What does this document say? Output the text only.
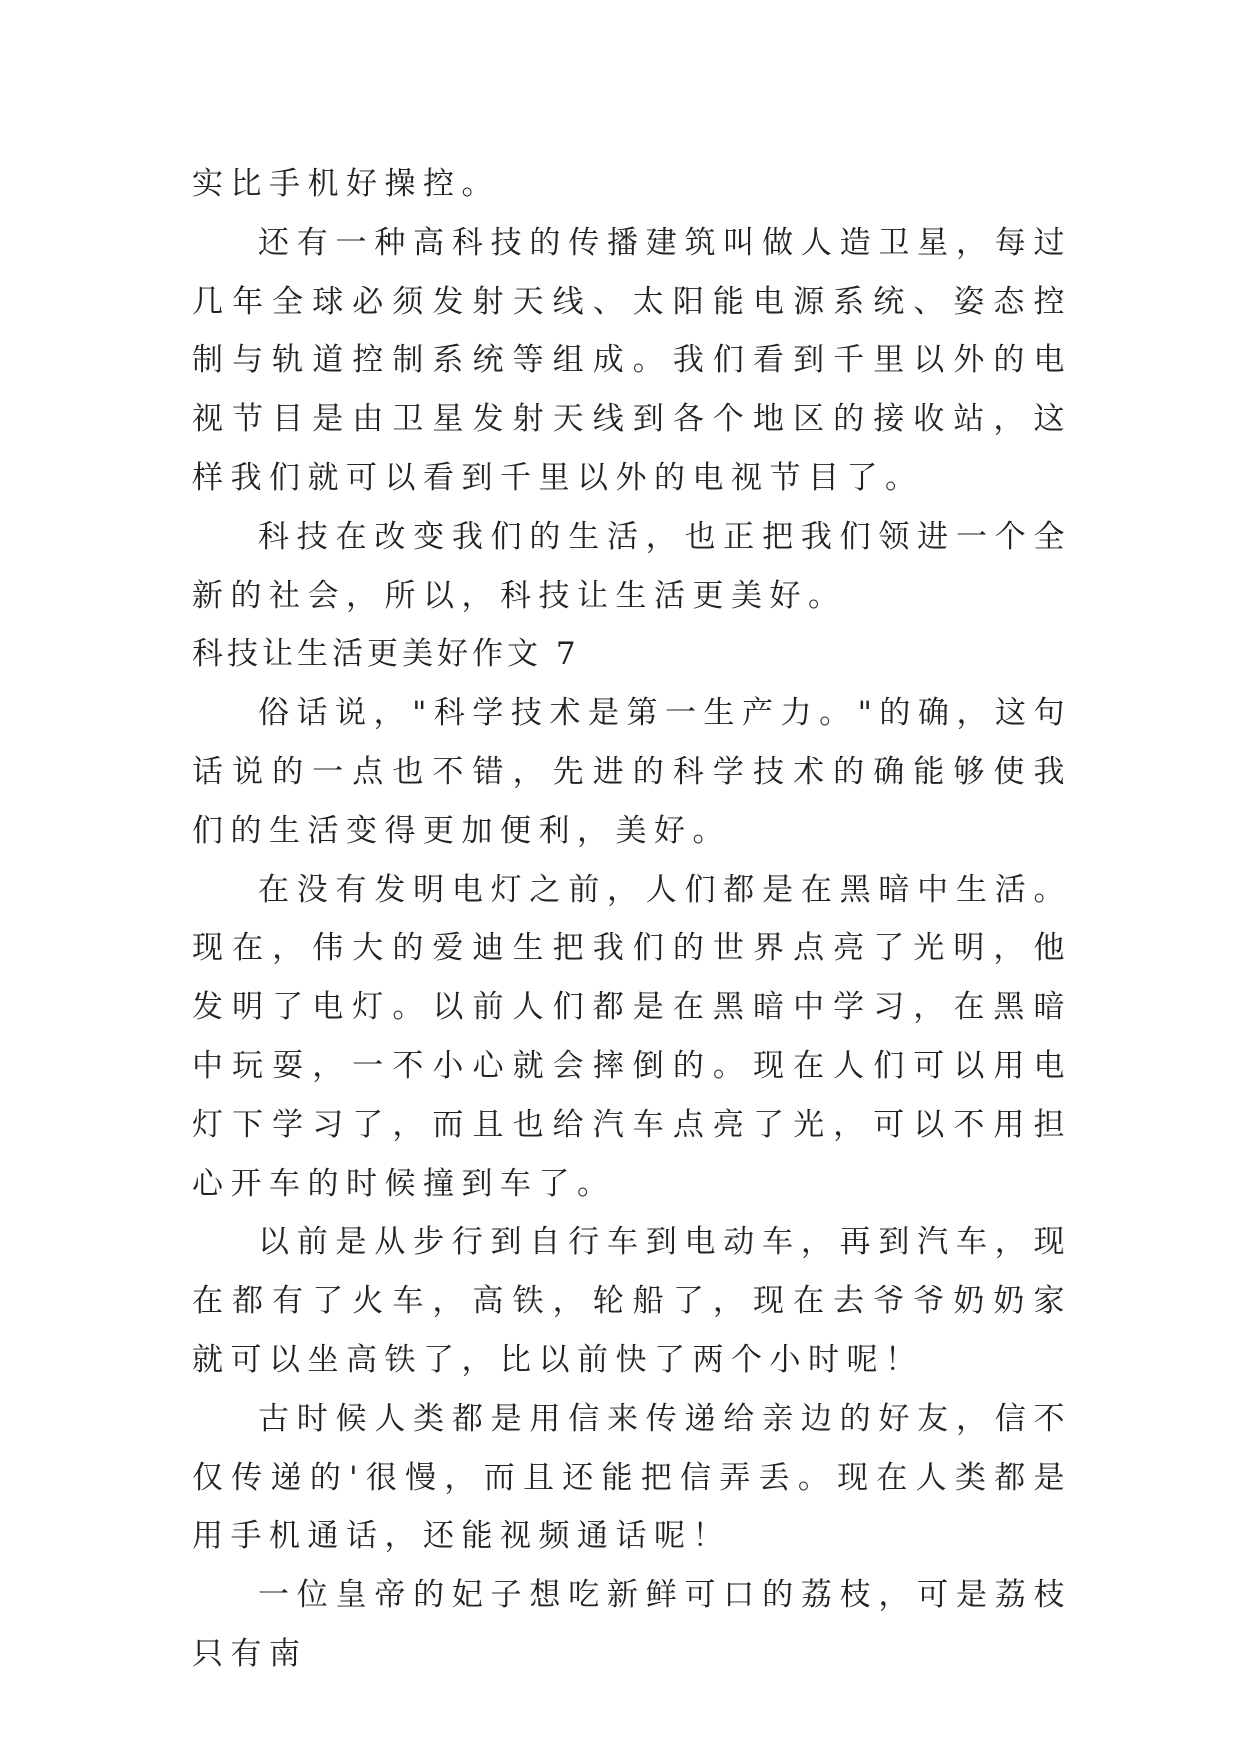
实比手机好操控。

还有一种高科技的传播建筑叫做人造卫星，每过几年全球必须发射天线、太阳能电源系统、姿态控制与轨道控制系统等组成。我们看到千里以外的电视节目是由卫星发射天线到各个地区的接收站，这样我们就可以看到千里以外的电视节目了。

科技在改变我们的生活，也正把我们领进一个全新的社会，所以，科技让生活更美好。

科技让生活更美好作文 7

俗话说，"科学技术是第一生产力。"的确，这句话说的一点也不错，先进的科学技术的确能够使我们的生活变得更加便利，美好。

在没有发明电灯之前，人们都是在黑暗中生活。现在，伟大的爱迪生把我们的世界点亮了光明，他发明了电灯。以前人们都是在黑暗中学习，在黑暗中玩耍，一不小心就会摔倒的。现在人们可以用电灯下学习了，而且也给汽车点亮了光，可以不用担心开车的时候撞到车了。

以前是从步行到自行车到电动车，再到汽车，现在都有了火车，高铁，轮船了，现在去爷爷奶奶家就可以坐高铁了，比以前快了两个小时呢！

古时候人类都是用信来传递给亲边的好友，信不仅传递的'很慢，而且还能把信弄丢。现在人类都是用手机通话，还能视频通话呢！

一位皇帝的妃子想吃新鲜可口的荔枝，可是荔枝只有南
